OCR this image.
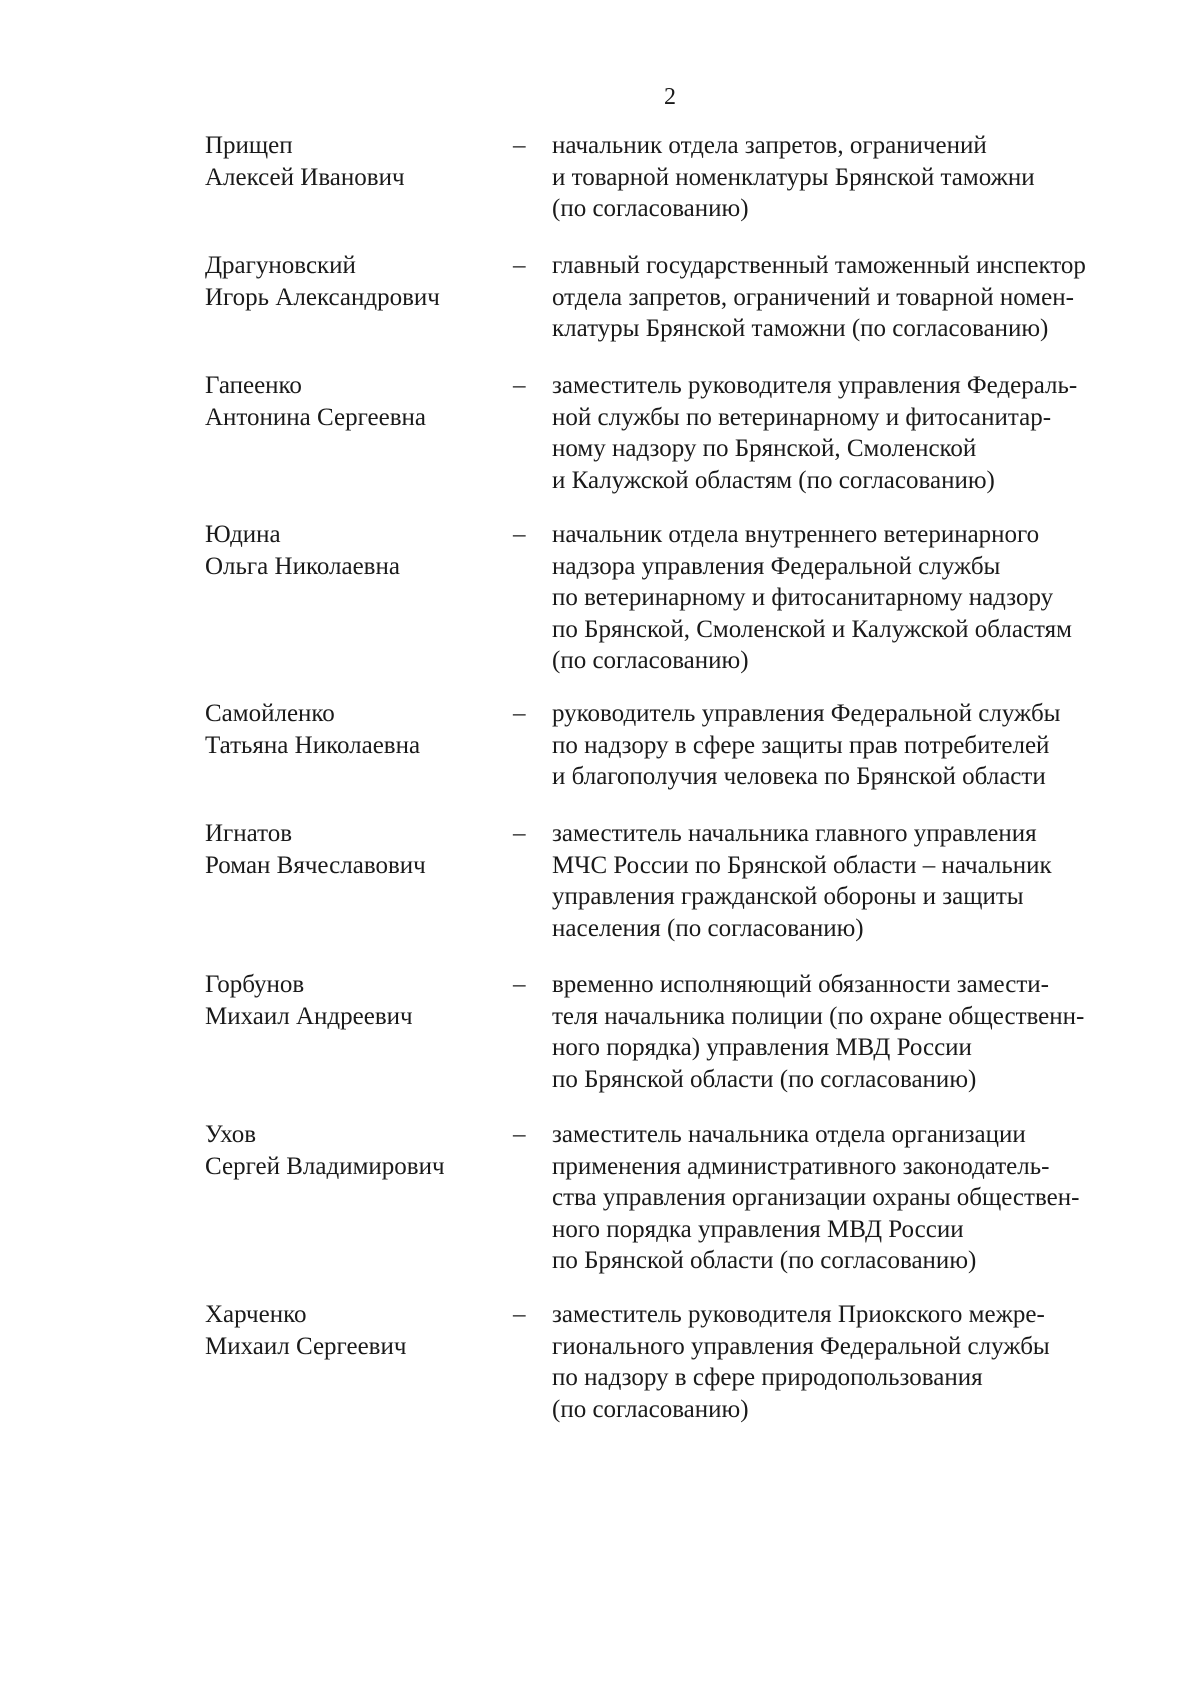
2
Прищеп
Алексей Иванович
– начальник отдела запретов, ограничений
и товарной номенклатуры Брянской таможни
(по согласованию)
Драгуновский
Игорь Александрович
– главный государственный таможенный инспектор
отдела запретов, ограничений и товарной номен-
клатуры Брянской таможни (по согласованию)
Гапеенко
Антонина Сергеевна
– заместитель руководителя управления Федераль-
ной службы по ветеринарному и фитосанитар-
ному надзору по Брянской, Смоленской
и Калужской областям (по согласованию)
Юдина
Ольга Николаевна
– начальник отдела внутреннего ветеринарного
надзора управления Федеральной службы
по ветеринарному и фитосанитарному надзору
по Брянской, Смоленской и Калужской областям
(по согласованию)
Самойленко
Татьяна Николаевна
– руководитель управления Федеральной службы
по надзору в сфере защиты прав потребителей
и благополучия человека по Брянской области
Игнатов
Роман Вячеславович
– заместитель начальника главного управления
МЧС России по Брянской области – начальник
управления гражданской обороны и защиты
населения (по согласованию)
Горбунов
Михаил Андреевич
– временно исполняющий обязанности замести-
теля начальника полиции (по охране общественн-
ного порядка) управления МВД России
по Брянской области (по согласованию)
Ухов
Сергей Владимирович
– заместитель начальника отдела организации
применения административного законодатель-
ства управления организации охраны обществен-
ного порядка управления МВД России
по Брянской области (по согласованию)
Харченко
Михаил Сергеевич
– заместитель руководителя Приокского межре-
гионального управления Федеральной службы
по надзору в сфере природопользования
(по согласованию)
